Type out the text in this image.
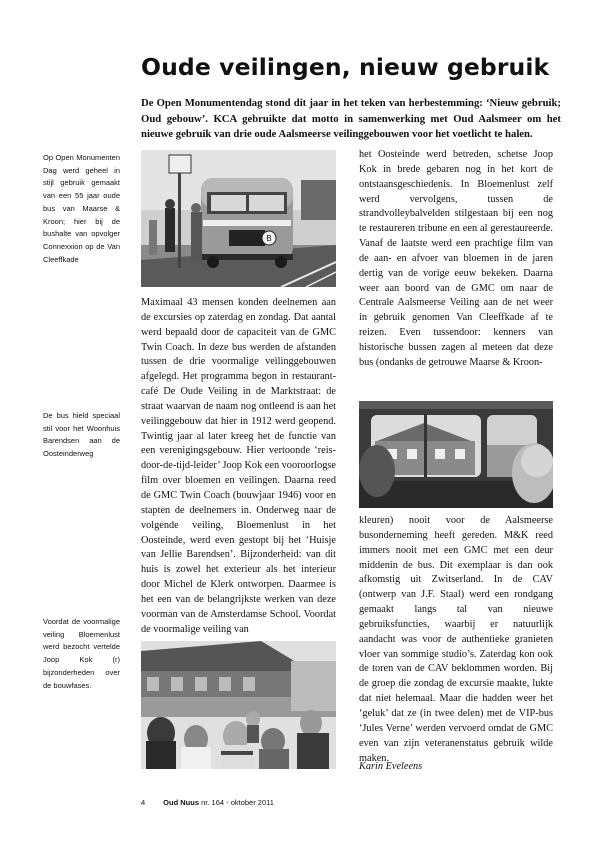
Oude veilingen, nieuw gebruik

De Open Monumentendag stond dit jaar in het teken van herbestemming: ‘Nieuw gebruik; Oud gebouw’. KCA gebruikte dat motto in samenwerking met Oud Aalsmeer om het nieuwe gebruik van drie oude Aalsmeerse veilinggebouwen voor het voetlicht te halen.

Op Open Monumenten Dag werd geheel in stijl gebruik gemaakt van een 55 jaar oude bus van Maarse & Kroon; hier bij de bushalte van opvolger Connexxion op de Van Cleeffkade

De bus hield speciaal stil voor het Woonhuis Barendsen aan de Oosteinderweg

Voordat de voormalige veiling Bloemenlust werd bezocht vertelde Joop Kok (r) bijzonderheden over de bouwfases.

B

Maximaal 43 mensen konden deelnemen aan de excursies op zaterdag en zondag. Dat aantal werd bepaald door de capaciteit van de GMC Twin Coach. In deze bus werden de afstanden tussen de drie voormalige veilinggebouwen afgelegd. Het programma begon in restaurant-café De Oude Veiling in de Marktstraat: de straat waarvan de naam nog ontleend is aan het veilinggebouw dat hier in 1912 werd geopend. Twintig jaar al later kreeg het de functie van een verenigingsgebouw. Hier vertoonde ‘reis-door-de-tijd-leider’ Joop Kok een vooroorlogse film over bloemen en veilingen. Daarna reed de GMC Twin Coach (bouwjaar 1946) voor en stapten de deelnemers in. Onderweg naar de volgende veiling, Bloemenlust in het Oosteinde, werd even gestopt bij het ‘Huisje van Jellie Barendsen’. Bijzonderheid: van dit huis is zowel het exterieur als het interieur door Michel de Klerk ontworpen. Daarmee is het een van de belangrijkste werken van deze voorman van de Amsterdamse School. Voordat de voormalige veiling van

het Oosteinde werd betreden, schetse Joop Kok in brede gebaren nog in het kort de ontstaansgeschiedenis. In Bloemenlust zelf werd vervolgens, tussen de strandvolleybalvelden stilgestaan bij een nog te restaureren tribune en een al gerestaureerde. Vanaf de laatste werd een prachtige film van de aan- en afvoer van bloemen in de jaren dertig van de vorige eeuw bekeken. Daarna weer aan boord van de GMC om naar de Centrale Aalsmeerse Veiling aan de net weer in gebruik genomen Van Cleeffkade af te reizen. Even tussendoor: kenners van historische bussen zagen al meteen dat deze bus (ondanks de getrouwe Maarse & Kroon-

kleuren) nooit voor de Aalsmeerse busonderneming heeft gereden. M&K reed immers nooit met een GMC met een deur middenin de bus. Dit exemplaar is dan ook afkomstig uit Zwitserland. In de CAV (ontwerp van J.F. Staal) werd een rondgang gemaakt langs tal van nieuwe gebruiksfuncties, waarbij er natuurlijk aandacht was voor de authentieke granieten vloer van sommige studio’s. Zaterdag kon ook de toren van de CAV beklommen worden. Bij de groep die zondag de excursie maakte, lukte dat niet helemaal. Maar die hadden weer het ‘geluk’ dat ze (in twee delen) met de VIP-bus ‘Jules Verne’ werden vervoerd omdat de GMC even van zijn veteranenstatus gebruik wilde maken.

Karin Eveleens

4 Oud Nuus nr. 164 - oktober 2011
